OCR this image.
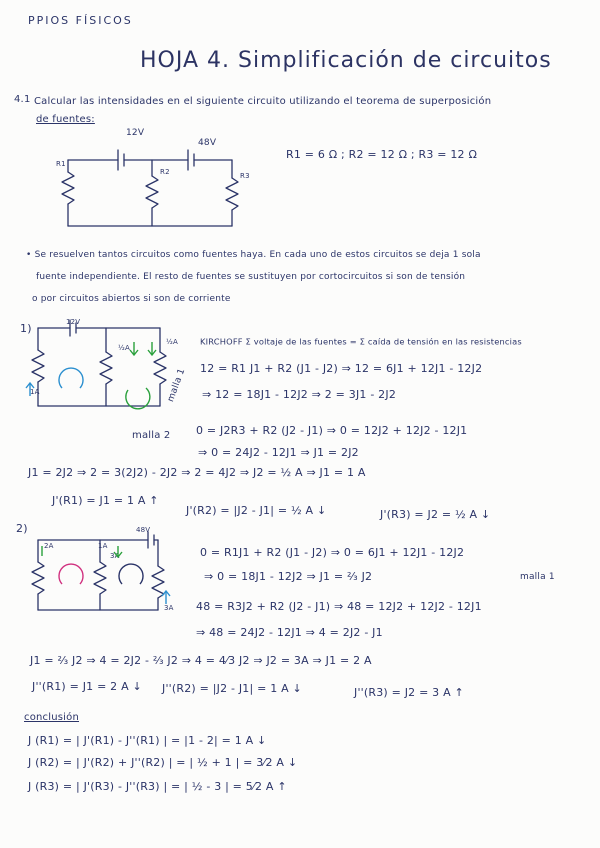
PPIOS FÍSICOS
HOJA 4. Simplificación de circuitos
4.1 Calcular las intensidades en el siguiente circuito utilizando el teorema de superposición
de fuentes:
12V
48V
R1
R2	R3
R1 = 6 Ω ; R2 = 12 Ω ; R3 = 12 Ω
• Se resuelven tantos circuitos como fuentes haya. En cada uno de estos circuitos se deja 1 sola
fuente independiente. El resto de fuentes se sustituyen por cortocircuitos si son de tensión
o por circuitos abiertos si son de corriente
1)	12V
1A
½A
½A KIRCHOFF Σ voltaje de las fuentes = Σ caída de tensión en las resistencias
malla 1 12 = R1 J1 + R2 (J1 - J2) ⇒ 12 = 6J1 + 12J1 - 12J2
⇒ 12 = 18J1 - 12J2 ⇒ 2 = 3J1 - 2J2
malla 2 0 = J2R3 + R2 (J2 - J1) ⇒ 0 = 12J2 + 12J2 - 12J1
⇒ 0 = 24J2 - 12J1 ⇒ J1 = 2J2
J1 = 2J2 ⇒ 2 = 3(2J2) - 2J2 ⇒ 2 = 4J2 ⇒ J2 = ½ A ⇒ J1 = 1 A
J'(R1) = J1 = 1 A ↑
J'(R2) = |J2 - J1| = ½ A ↓	J'(R3) = J2 = ½ A ↓
2)	48V
2A	1A
3A
3A
0 = R1J1 + R2 (J1 - J2) ⇒ 0 = 6J1 + 12J1 - 12J2
⇒ 0 = 18J1 - 12J2 ⇒ J1 = ⅔ J2	malla 1
48 = R3J2 + R2 (J2 - J1) ⇒ 48 = 12J2 + 12J2 - 12J1
⇒ 48 = 24J2 - 12J1 ⇒ 4 = 2J2 - J1
J1 = ⅔ J2 ⇒ 4 = 2J2 - ⅔ J2 ⇒ 4 = 4⁄3 J2 ⇒ J2 = 3A ⇒ J1 = 2 A
J''(R1) = J1 = 2 A ↓ J''(R2) = |J2 - J1| = 1 A ↓	J''(R3) = J2 = 3 A ↑
conclusión
J (R1) = | J'(R1) - J''(R1) | = |1 - 2| = 1 A ↓
J (R2) = | J'(R2) + J''(R2) | = | ½ + 1 | = 3⁄2 A ↓
J (R3) = | J'(R3) - J''(R3) | = | ½ - 3 | = 5⁄2 A ↑
